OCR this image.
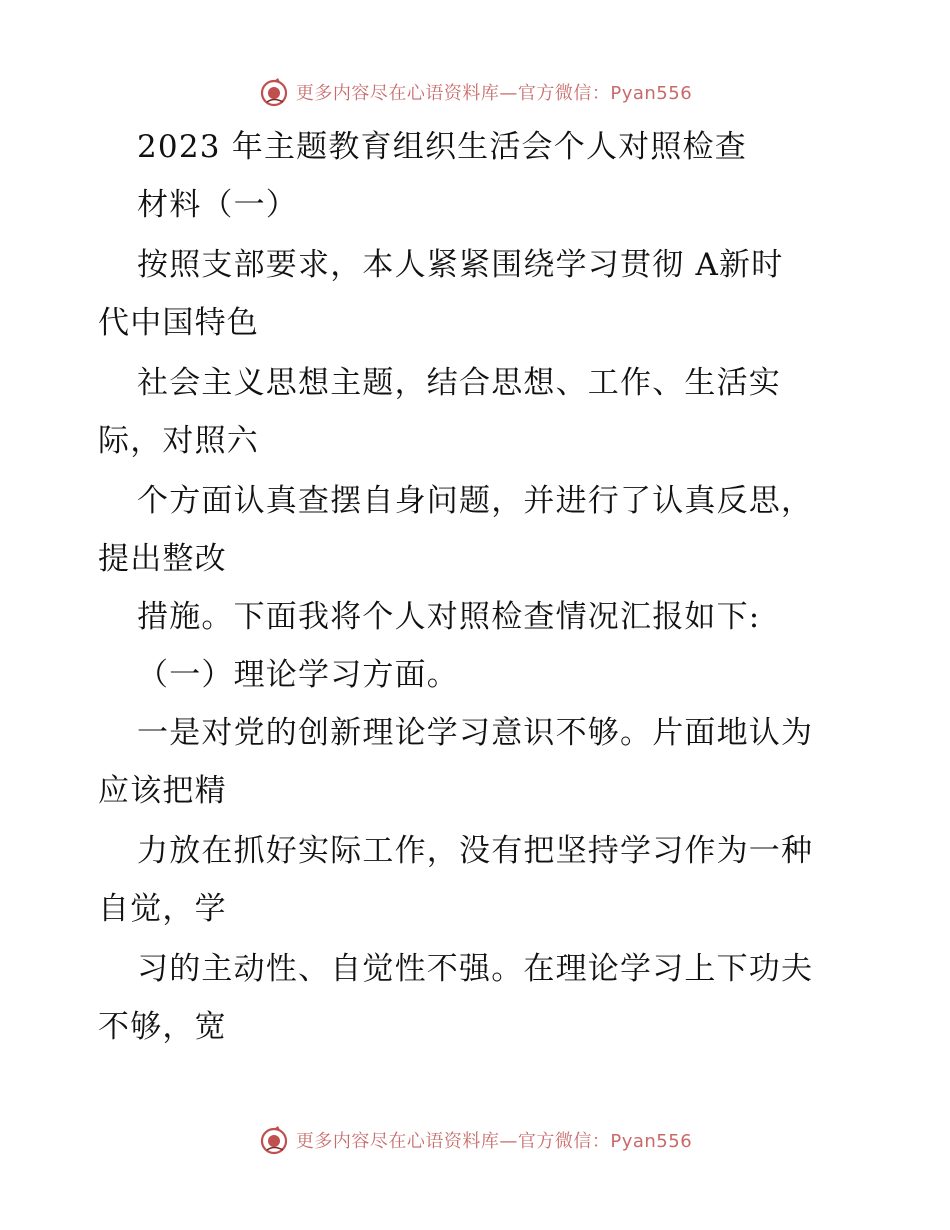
更多内容尽在心语资料库—官方微信：Pyan556
2023 年主题教育组织生活会个人对照检查
材料（一）
按照支部要求，本人紧紧围绕学习贯彻 A新时
代中国特色
社会主义思想主题，结合思想、工作、生活实
际，对照六
个方面认真查摆自身问题，并进行了认真反思，
提出整改
措施。下面我将个人对照检查情况汇报如下:
（一）理论学习方面。
一是对党的创新理论学习意识不够。片面地认为
应该把精
力放在抓好实际工作，没有把坚持学习作为一种
自觉，学
习的主动性、自觉性不强。在理论学习上下功夫
不够，宽
更多内容尽在心语资料库—官方微信：Pyan556
